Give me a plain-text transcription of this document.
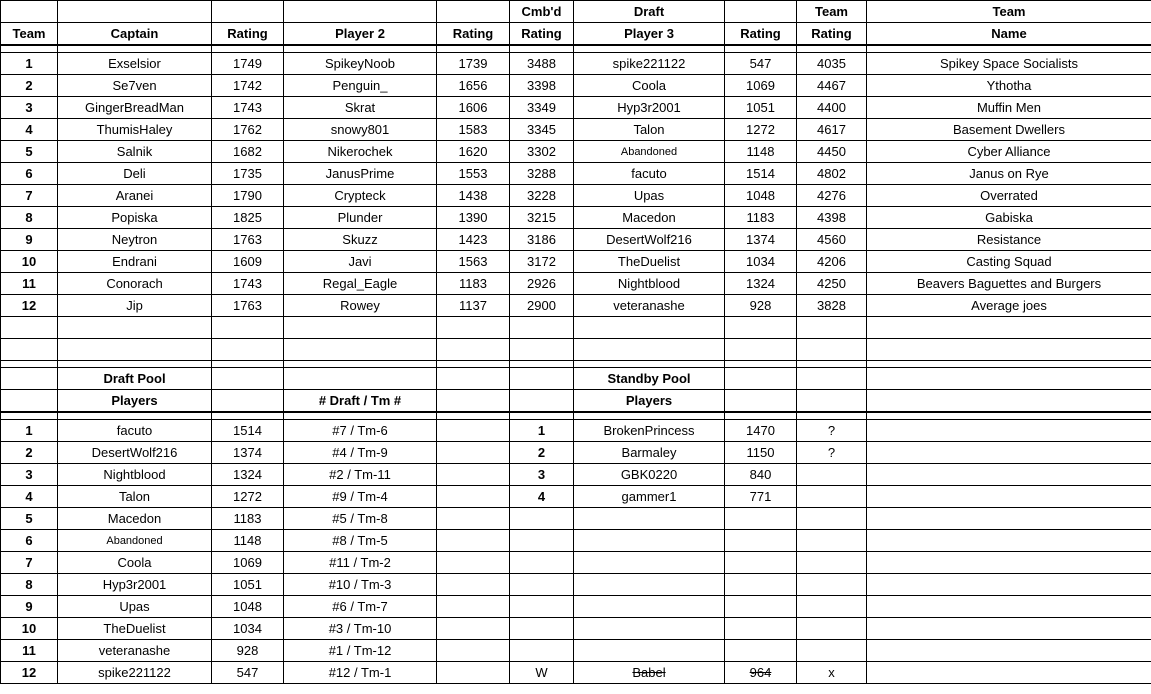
					Cmb'd	Draft		Team	Team
Team	Captain	Rating	Player 2	Rating	Rating	Player 3	Rating	Rating	Name

1	Exselsior	1749	SpikeyNoob	1739	3488	spike221122	547	4035	Spikey Space Socialists
2	Se7ven	1742	Penguin_	1656	3398	Coola	1069	4467	Ythotha
3	GingerBreadMan	1743	Skrat	1606	3349	Hyp3r2001	1051	4400	Muffin Men
4	ThumisHaley	1762	snowy801	1583	3345	Talon	1272	4617	Basement Dwellers
5	Salnik	1682	Nikerochek	1620	3302	Abandoned	1148	4450	Cyber Alliance
6	Deli	1735	JanusPrime	1553	3288	facuto	1514	4802	Janus on Rye
7	Aranei	1790	Crypteck	1438	3228	Upas	1048	4276	Overrated
8	Popiska	1825	Plunder	1390	3215	Macedon	1183	4398	Gabiska
9	Neytron	1763	Skuzz	1423	3186	DesertWolf216	1374	4560	Resistance
10	Endrani	1609	Javi	1563	3172	TheDuelist	1034	4206	Casting Squad
11	Conorach	1743	Regal_Eagle	1183	2926	Nightblood	1324	4250	Beavers Baguettes and Burgers
12	Jip	1763	Rowey	1137	2900	veteranashe	928	3828	Average joes

	Draft Pool					Standby Pool			
	Players		# Draft / Tm #			Players			

1	facuto	1514	#7 / Tm-6		1	BrokenPrincess	1470	?	
2	DesertWolf216	1374	#4 / Tm-9		2	Barmaley	1150	?	
3	Nightblood	1324	#2 / Tm-11		3	GBK0220	840		
4	Talon	1272	#9 / Tm-4		4	gammer1	771		
5	Macedon	1183	#5 / Tm-8						
6	Abandoned	1148	#8 / Tm-5						
7	Coola	1069	#11 / Tm-2						
8	Hyp3r2001	1051	#10 / Tm-3						
9	Upas	1048	#6 / Tm-7						
10	TheDuelist	1034	#3 / Tm-10						
11	veteranashe	928	#1 / Tm-12						
12	spike221122	547	#12 / Tm-1		W	Babel	964	x	
